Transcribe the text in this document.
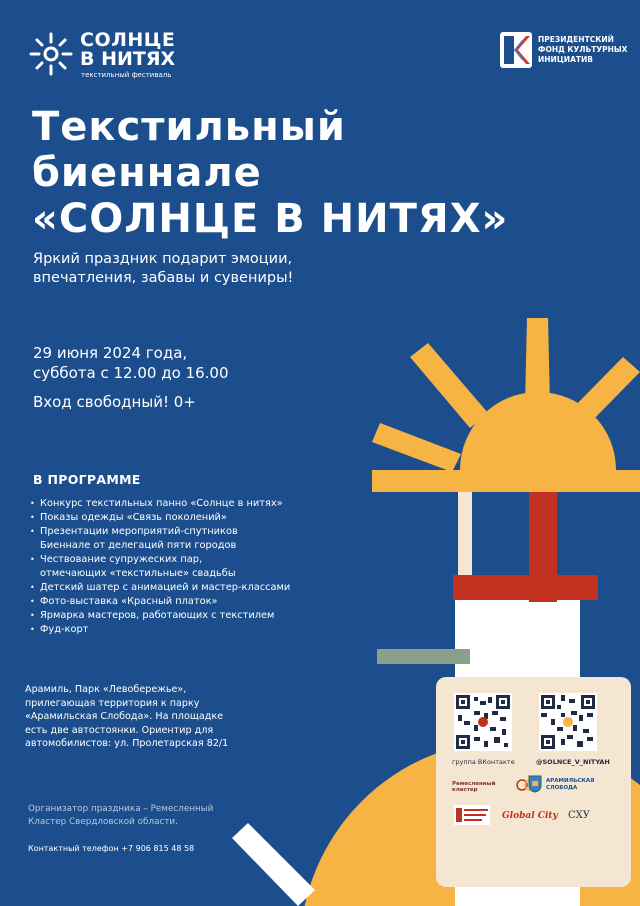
СОЛНЦЕ
В НИТЯХ
текстильный фестиваль
ПРЕЗИДЕНТСКИЙ
ФОНД КУЛЬТУРНЫХ
ИНИЦИАТИВ
Текстильный
биеннале
«СОЛНЦЕ В НИТЯХ»
Яркий праздник подарит эмоции,
впечатления, забавы и сувениры!
29 июня 2024 года,
суббота с 12.00 до 16.00
Вход свободный! 0+
В ПРОГРАММЕ
• Конкурс текстильных панно «Солнце в нитях»
• Показы одежды «Связь поколений»
• Презентации мероприятий-спутников Биеннале от делегаций пяти городов
• Чествование супружеских пар, отмечающих «текстильные» свадьбы
• Детский шатер с анимацией и мастер-классами
• Фото-выставка «Красный платок»
• Ярмарка мастеров, работающих с текстилем
• Фуд-корт
Арамиль, Парк «Левобережье», прилегающая территория к парку «Арамильская Слобода». На площадке есть две автостоянки. Ориентир для автомобилистов: ул. Пролетарская 82/1
Организатор праздника – Ремесленный Кластер Свердловской области.
Контактный телефон +7 906 815 48 58
группа ВКонтакте	@SOLNCE_V_NITYAH
Ремесленный кластер
АРАМИЛЬСКАЯ СЛОБОДА
Global City СХУ
